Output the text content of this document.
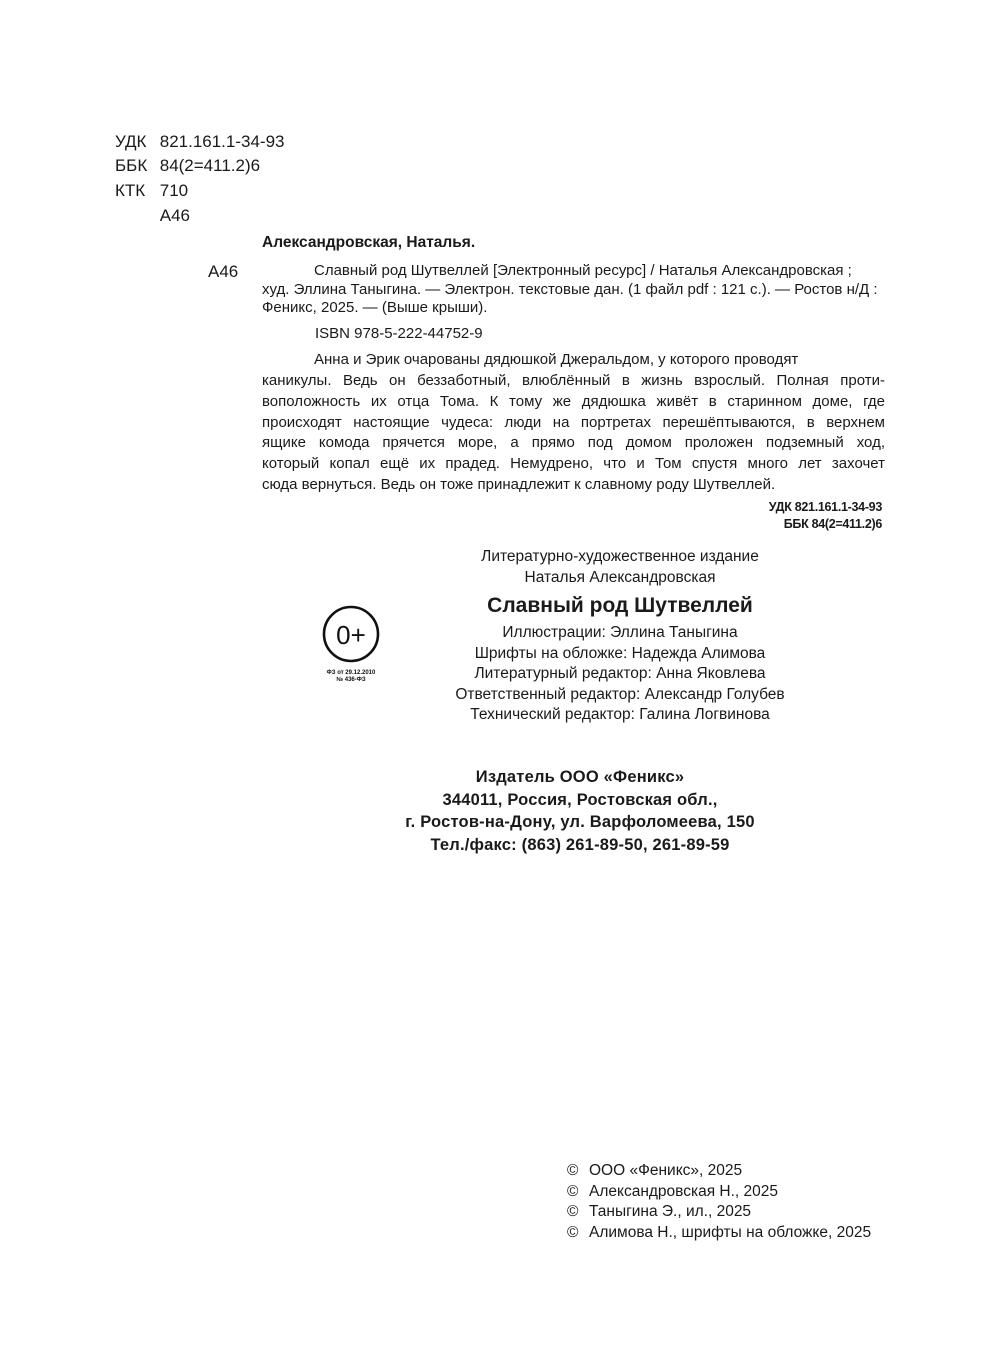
УДК 821.161.1-34-93
ББК 84(2=411.2)6
КТК 710
А46
Александровская, Наталья.
А46	Славный род Шутвеллей [Электронный ресурс] / Наталья Александровская ;
худ. Эллина Таныгина. — Электрон. текстовые дан. (1 файл pdf : 121 с.). — Ростов н/Д :
Феникс, 2025. — (Выше крыши).
ISBN 978-5-222-44752-9
Анна и Эрик очарованы дядюшкой Джеральдом, у которого проводят
каникулы. Ведь он беззаботный, влюблённый в жизнь взрослый. Полная проти-
воположность их отца Тома. К тому же дядюшка живёт в старинном доме, где
происходят настоящие чудеса: люди на портретах перешёптываются, в верхнем
ящике комода прячется море, а прямо под домом проложен подземный ход,
который копал ещё их прадед. Немудрено, что и Том спустя много лет захочет
сюда вернуться. Ведь он тоже принадлежит к славному роду Шутвеллей.
УДК 821.161.1-34-93
ББК 84(2=411.2)6
Литературно-художественное издание
Наталья Александровская
Славный род Шутвеллей
Иллюстрации: Эллина Таныгина
Шрифты на обложке: Надежда Алимова
Литературный редактор: Анна Яковлева
Ответственный редактор: Александр Голубев
Технический редактор: Галина Логвинова
0+
ФЗ от 29.12.2010
№ 436-ФЗ
Издатель ООО «Феникс»
344011, Россия, Ростовская обл.,
г. Ростов-на-Дону, ул. Варфоломеева, 150
Тел./факс: (863) 261-89-50, 261-89-59
© ООО «Феникс», 2025
© Александровская Н., 2025
© Таныгина Э., ил., 2025
© Алимова Н., шрифты на обложке, 2025
